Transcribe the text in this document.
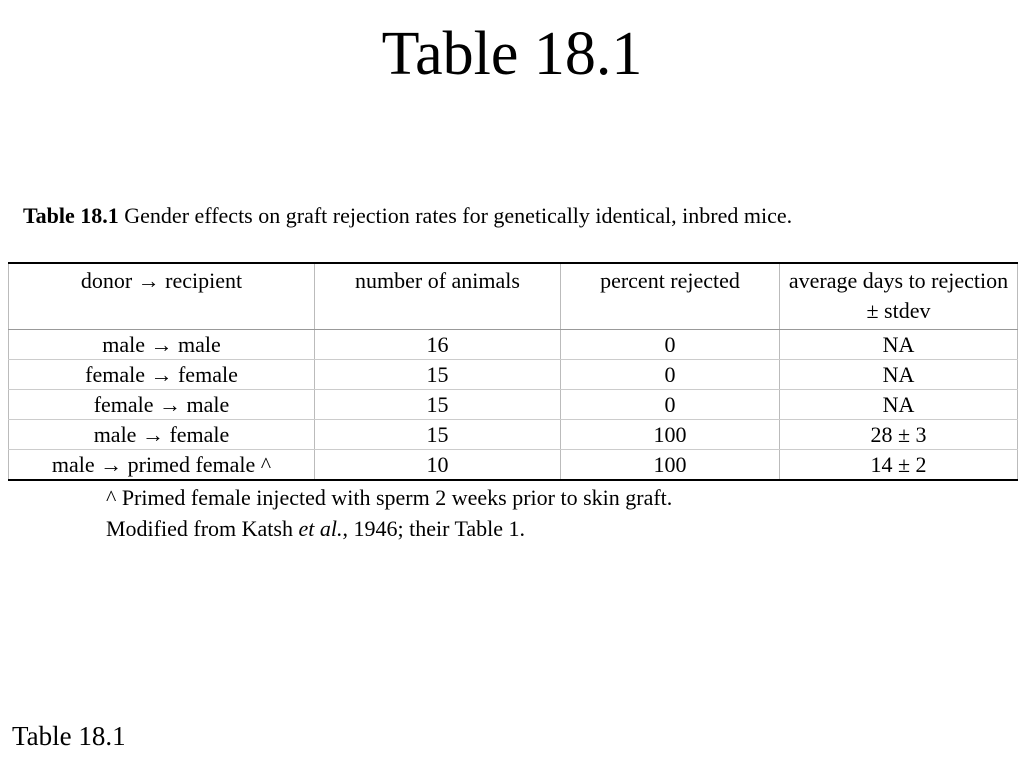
Table 18.1
Table 18.1 Gender effects on graft rejection rates for genetically identical, inbred mice.
donor → recipient	number of animals	percent rejected	average days to rejection ± stdev
male → male	16	0	NA
female → female	15	0	NA
female → male	15	0	NA
male → female	15	100	28 ± 3
male → primed female ^	10	100	14 ± 2
^ Primed female injected with sperm 2 weeks prior to skin graft.
Modified from Katsh et al., 1946; their Table 1.
Table 18.1
